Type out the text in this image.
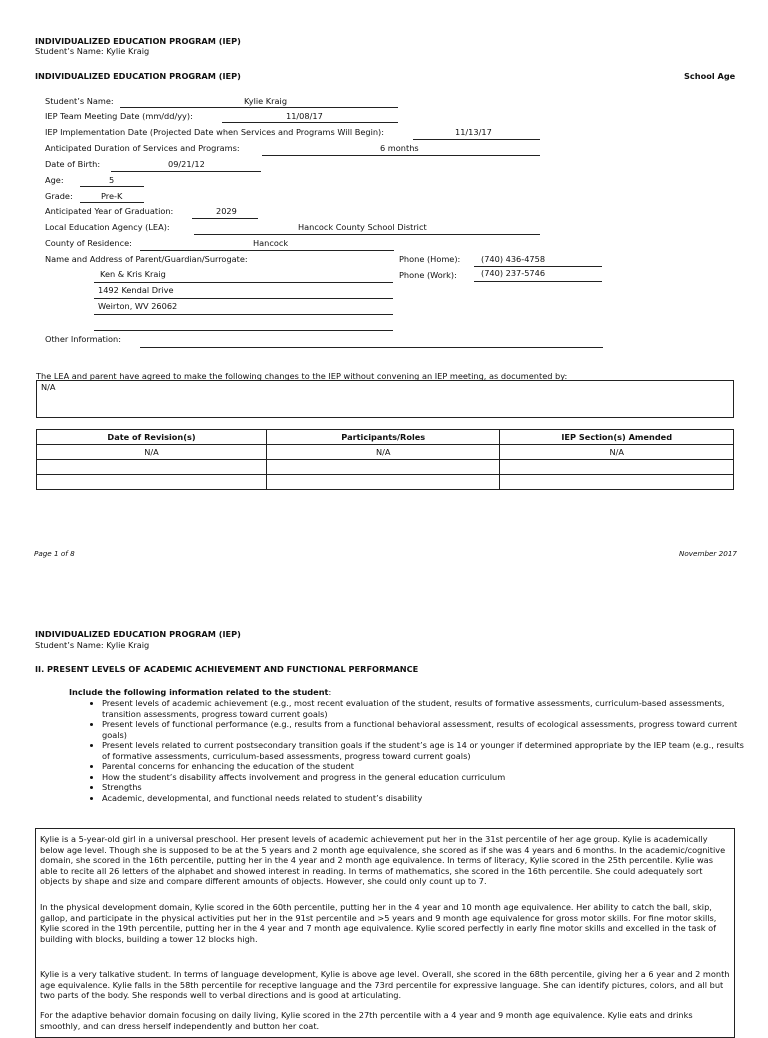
INDIVIDUALIZED EDUCATION PROGRAM (IEP)
Student’s Name: Kylie Kraig
INDIVIDUALIZED EDUCATION PROGRAM (IEP)	School Age
Student’s Name:	Kylie Kraig
IEP Team Meeting Date (mm/dd/yy):	11/08/17
IEP Implementation Date (Projected Date when Services and Programs Will Begin):	11/13/17
Anticipated Duration of Services and Programs:	6 months
Date of Birth:	09/21/12
Age:	5
Grade:	Pre-K
Anticipated Year of Graduation:	2029
Local Education Agency (LEA):	Hancock County School District
County of Residence:	Hancock
Name and Address of Parent/Guardian/Surrogate:
Ken & Kris Kraig
1492 Kendal Drive
Weirton, WV 26062
Phone (Home):	(740) 436-4758
Phone (Work):	(740) 237-5746
Other Information:
The LEA and parent have agreed to make the following changes to the IEP without convening an IEP meeting, as documented by:
N/A
Date of Revision(s)	Participants/Roles	IEP Section(s) Amended
N/A	N/A	N/A

Page 1 of 8	November 2017
INDIVIDUALIZED EDUCATION PROGRAM (IEP)
Student’s Name: Kylie Kraig
II. PRESENT LEVELS OF ACADEMIC ACHIEVEMENT AND FUNCTIONAL PERFORMANCE
Include the following information related to the student:
• Present levels of academic achievement (e.g., most recent evaluation of the student, results of formative assessments, curriculum-based assessments, transition assessments, progress toward current goals)
• Present levels of functional performance (e.g., results from a functional behavioral assessment, results of ecological assessments, progress toward current goals)
• Present levels related to current postsecondary transition goals if the student’s age is 14 or younger if determined appropriate by the IEP team (e.g., results of formative assessments, curriculum-based assessments, progress toward current goals)
• Parental concerns for enhancing the education of the student
• How the student’s disability affects involvement and progress in the general education curriculum
• Strengths
• Academic, developmental, and functional needs related to student’s disability
Kylie is a 5-year-old girl in a universal preschool. Her present levels of academic achievement put her in the 31st percentile of her age group. Kylie is academically below age level. Though she is supposed to be at the 5 years and 2 month age equivalence, she scored as if she was 4 years and 6 months. In the academic/cognitive domain, she scored in the 16th percentile, putting her in the 4 year and 2 month age equivalence. In terms of literacy, Kylie scored in the 25th percentile. Kylie was able to recite all 26 letters of the alphabet and showed interest in reading. In terms of mathematics, she scored in the 16th percentile. She could adequately sort objects by shape and size and compare different amounts of objects. However, she could only count up to 7.
In the physical development domain, Kylie scored in the 60th percentile, putting her in the 4 year and 10 month age equivalence. Her ability to catch the ball, skip, gallop, and participate in the physical activities put her in the 91st percentile and >5 years and 9 month age equivalence for gross motor skills. For fine motor skills, Kylie scored in the 19th percentile, putting her in the 4 year and 7 month age equivalence. Kylie scored perfectly in early fine motor skills and excelled in the task of building with blocks, building a tower 12 blocks high.
Kylie is a very talkative student. In terms of language development, Kylie is above age level. Overall, she scored in the 68th percentile, giving her a 6 year and 2 month age equivalence. Kylie falls in the 58th percentile for receptive language and the 73rd percentile for expressive language. She can identify pictures, colors, and all but two parts of the body. She responds well to verbal directions and is good at articulating.
For the adaptive behavior domain focusing on daily living, Kylie scored in the 27th percentile with a 4 year and 9 month age equivalence. Kylie eats and drinks smoothly, and can dress herself independently and button her coat.
